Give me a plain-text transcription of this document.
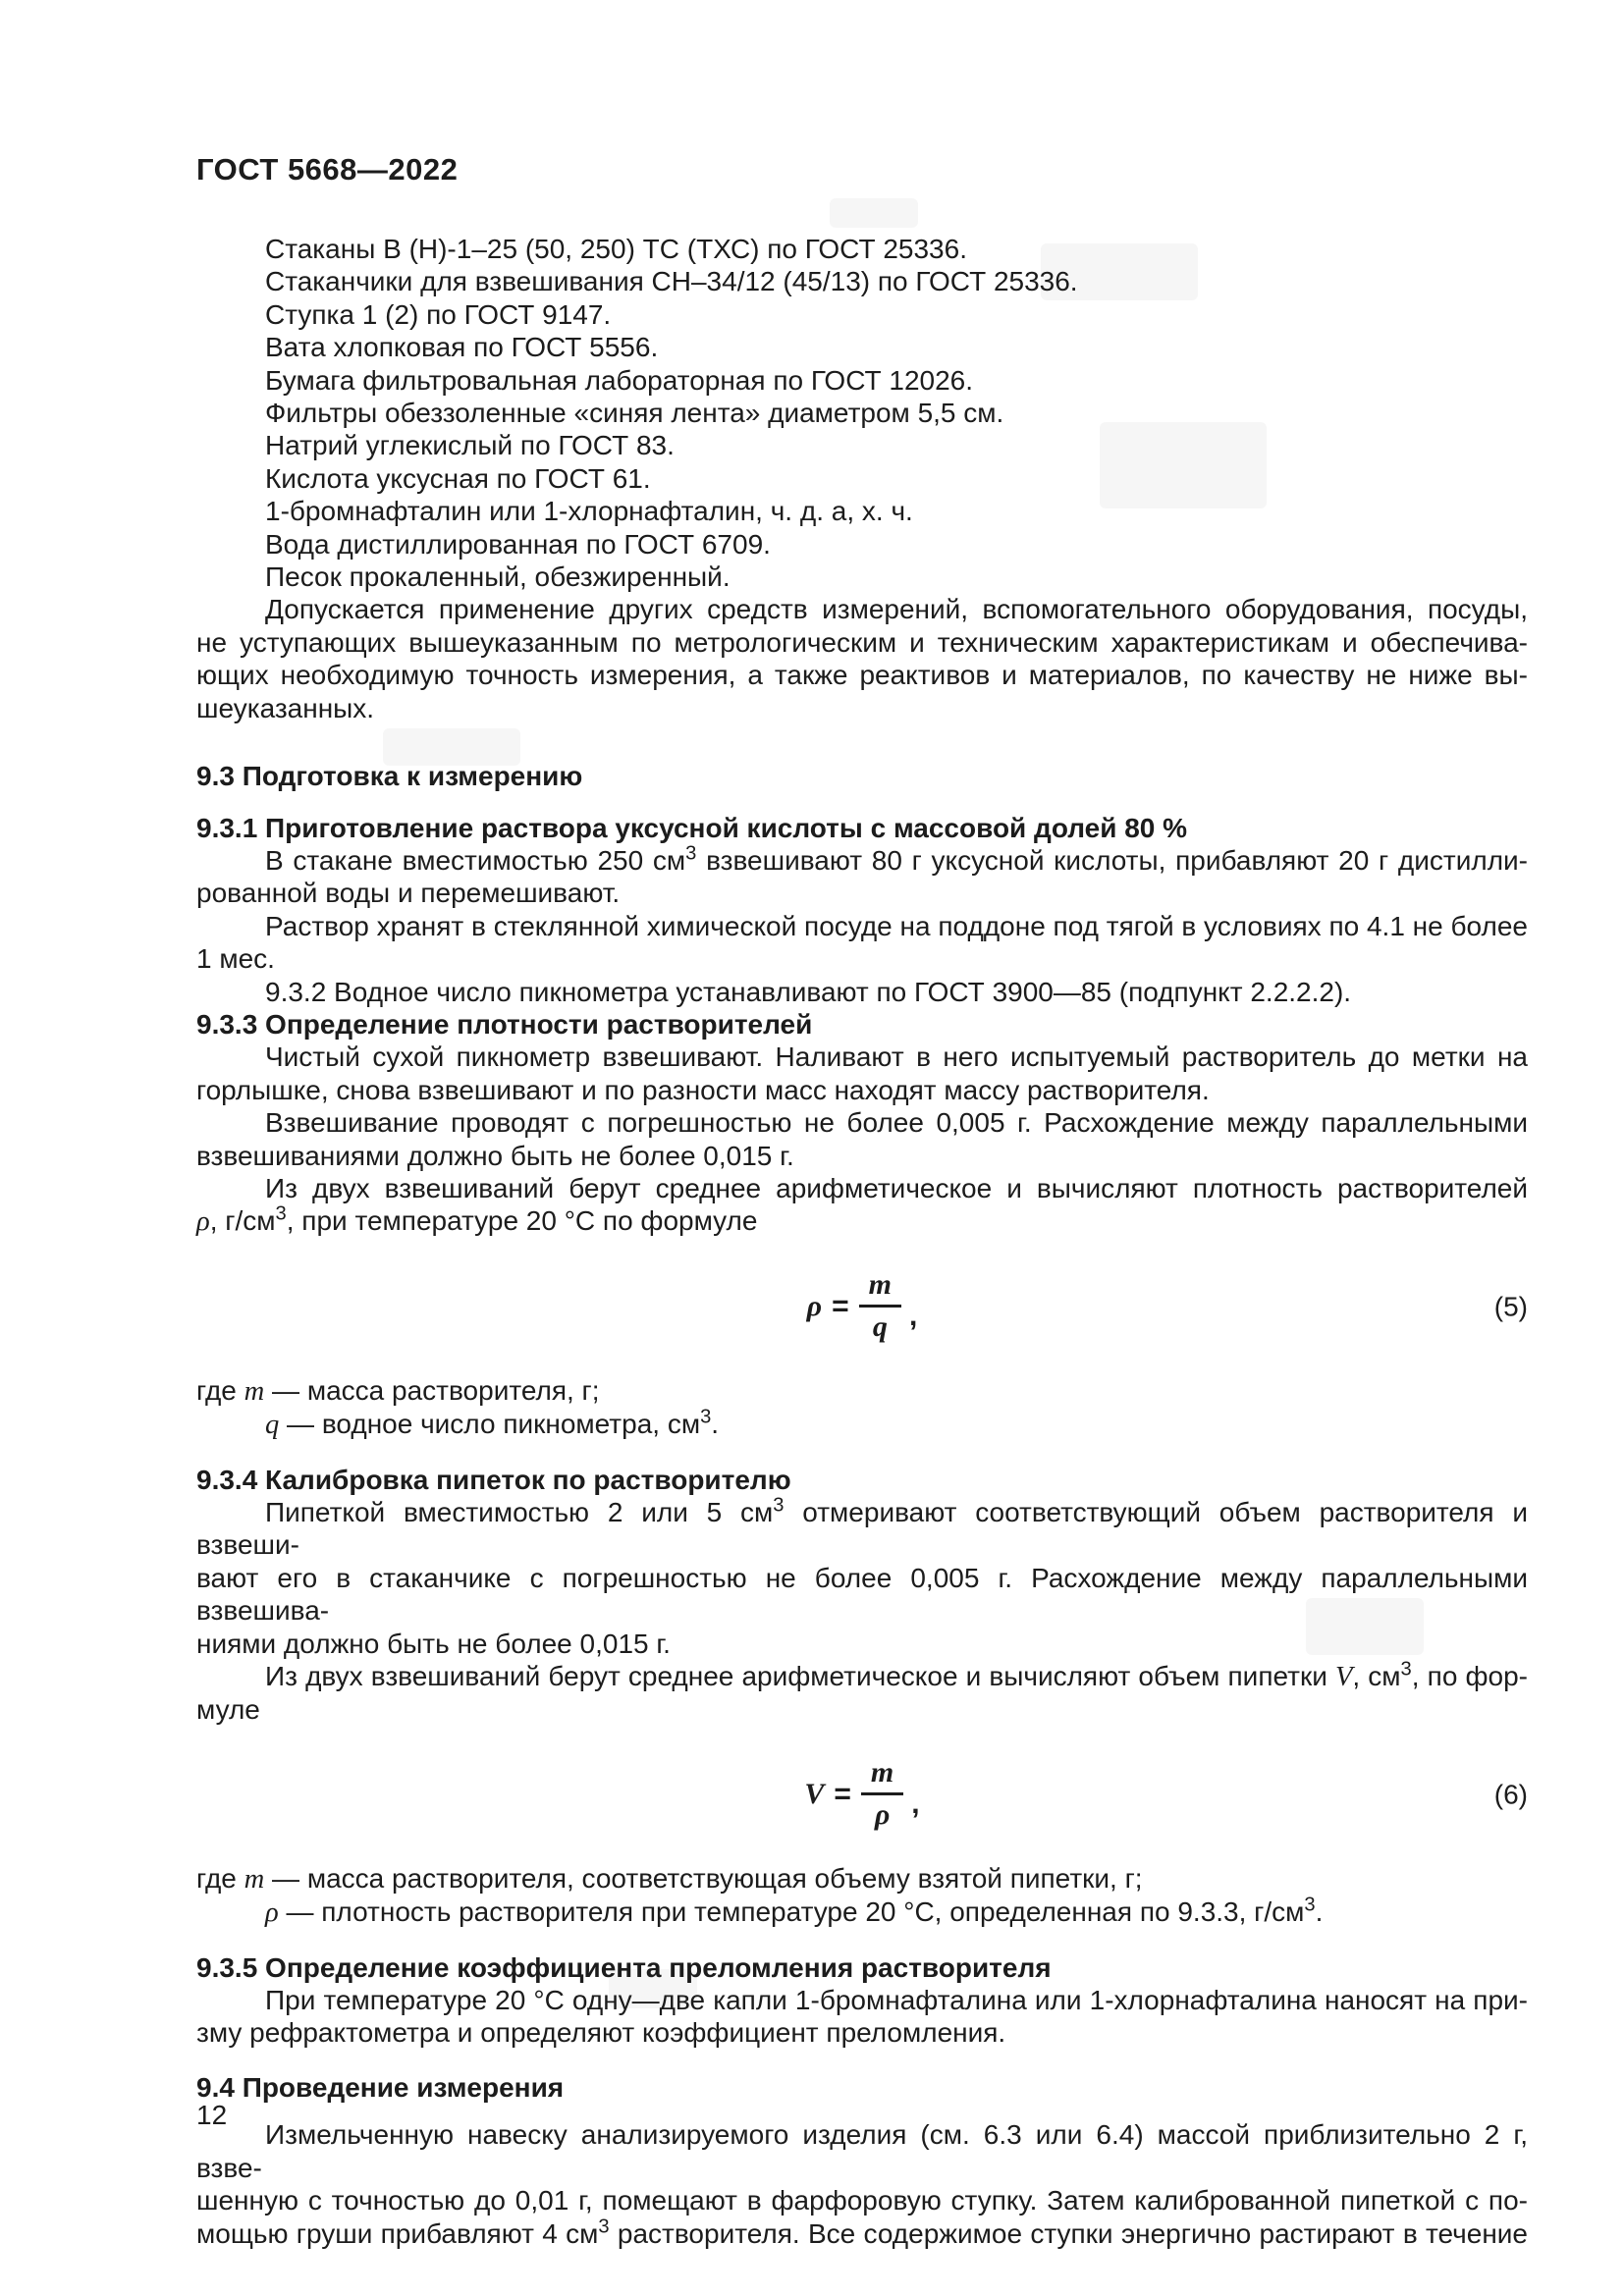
ГОСТ 5668—2022
Стаканы В (Н)-1–25 (50, 250) ТС (ТХС) по ГОСТ 25336.
Стаканчики для взвешивания СН–34/12 (45/13) по ГОСТ 25336.
Ступка 1 (2) по ГОСТ 9147.
Вата хлопковая по ГОСТ 5556.
Бумага фильтровальная лабораторная по ГОСТ 12026.
Фильтры обеззоленные «синяя лента» диаметром 5,5 см.
Натрий углекислый по ГОСТ 83.
Кислота уксусная по ГОСТ 61.
1-бромнафталин или 1-хлорнафталин, ч. д. а, х. ч.
Вода дистиллированная по ГОСТ 6709.
Песок прокаленный, обезжиренный.
Допускается применение других средств измерений, вспомогательного оборудования, посуды,
не уступающих вышеуказанным по метрологическим и техническим характеристикам и обеспечива-
ющих необходимую точность измерения, а также реактивов и материалов, по качеству не ниже вы-
шеуказанных.
9.3 Подготовка к измерению
9.3.1 Приготовление раствора уксусной кислоты с массовой долей 80 %
В стакане вместимостью 250 $см^3$ взвешивают 80 г уксусной кислоты, прибавляют 20 г дистилли-
рованной воды и перемешивают.
Раствор хранят в стеклянной химической посуде на поддоне под тягой в условиях по 4.1 не более
1 мес.
9.3.2 Водное число пикнометра устанавливают по ГОСТ 3900—85 (подпункт 2.2.2.2).
9.3.3 Определение плотности растворителей
Чистый сухой пикнометр взвешивают. Наливают в него испытуемый растворитель до метки на
горлышке, снова взвешивают и по разности масс находят массу растворителя.
Взвешивание проводят с погрешностью не более 0,005 г. Расхождение между параллельными
взвешиваниями должно быть не более 0,015 г.
Из двух взвешиваний берут среднее арифметическое и вычисляют плотность растворителей
ρ, $г/см^3$, при температуре 20 °С по формуле
$\rho = \frac{m}{q}$ ,	(5)
где m — масса растворителя, г;
q — водное число пикнометра, $см^3$.
9.3.4 Калибровка пипеток по растворителю
Пипеткой вместимостью 2 или 5 $см^3$ отмеривают соответствующий объем растворителя и взвеши-
вают его в стаканчике с погрешностью не более 0,005 г. Расхождение между параллельными взвешива-
ниями должно быть не более 0,015 г.
Из двух взвешиваний берут среднее арифметическое и вычисляют объем пипетки V, $см^3$, по фор-
муле
$V = \frac{m}{\rho}$ ,	(6)
где m — масса растворителя, соответствующая объему взятой пипетки, г;
ρ — плотность растворителя при температуре 20 °С, определенная по 9.3.3, $г/см^3$.
9.3.5 Определение коэффициента преломления растворителя
При температуре 20 °С одну—две капли 1-бромнафталина или 1-хлорнафталина наносят на при-
зму рефрактометра и определяют коэффициент преломления.
9.4 Проведение измерения
Измельченную навеску анализируемого изделия (см. 6.3 или 6.4) массой приблизительно 2 г, взве-
шенную с точностью до 0,01 г, помещают в фарфоровую ступку. Затем калиброванной пипеткой с по-
мощью груши прибавляют 4 $см^3$ растворителя. Все содержимое ступки энергично растирают в течение
12
